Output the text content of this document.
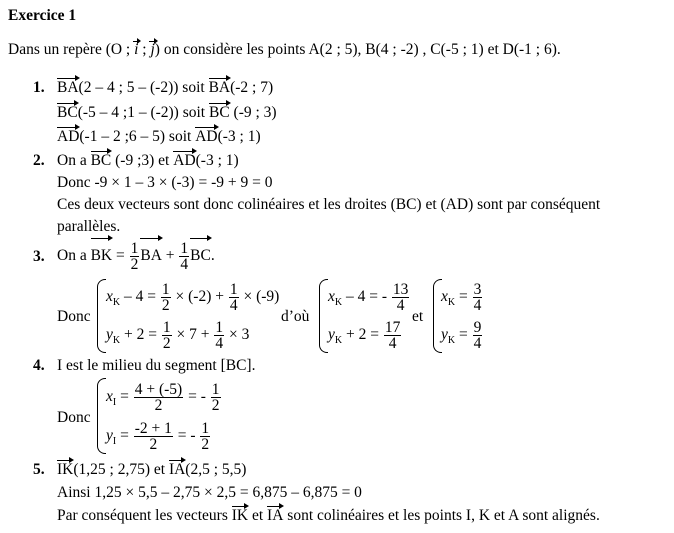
Exercice 1
Dans un repère (O ; i ; j) on considère les points A(2 ; 5), B(4 ; -2) , C(-5 ; 1) et D(-1 ; 6).
1. BA(2 – 4 ; 5 – (-2)) soit BA(-2 ; 7)
BC(-5 – 4 ;1 – (-2)) soit BC (-9 ; 3)
AD(-1 – 2 ;6 – 5) soit AD(-3 ; 1)
2. On a BC (-9 ;3) et AD(-3 ; 1)
Donc -9 × 1 – 3 × (-3) = -9 + 9 = 0
Ces deux vecteurs sont donc colinéaires et les droites (BC) et (AD) sont par conséquent
parallèles.
3. On a BK = $\frac{1}{2}$ BA + $\frac{1}{4}$ BC.
Donc
$x_K - 4 = \frac{1}{2} \times (-2) + \frac{1}{4} \times (-9)$
$y_K + 2 = \frac{1}{2} \times 7 + \frac{1}{4} \times 3$
d’où
$x_K - 4$ = - $\frac{13}{4}$
$y_K + 2 = \frac{17}{4}$
et
$x_K = \frac{3}{4}$
$y_K = \frac{9}{4}$
4. I est le milieu du segment [BC].
Donc
$x_I = \frac{4 + (-5)}{2}$ = - $\frac{1}{2}$
$y_I = \frac{-2 + 1}{2}$ = - $\frac{1}{2}$
5. IK(1,25 ; 2,75) et IA(2,5 ; 5,5)
Ainsi 1,25 × 5,5 – 2,75 × 2,5 = 6,875 – 6,875 = 0
Par conséquent les vecteurs IK et IA sont colinéaires et les points I, K et A sont alignés.
